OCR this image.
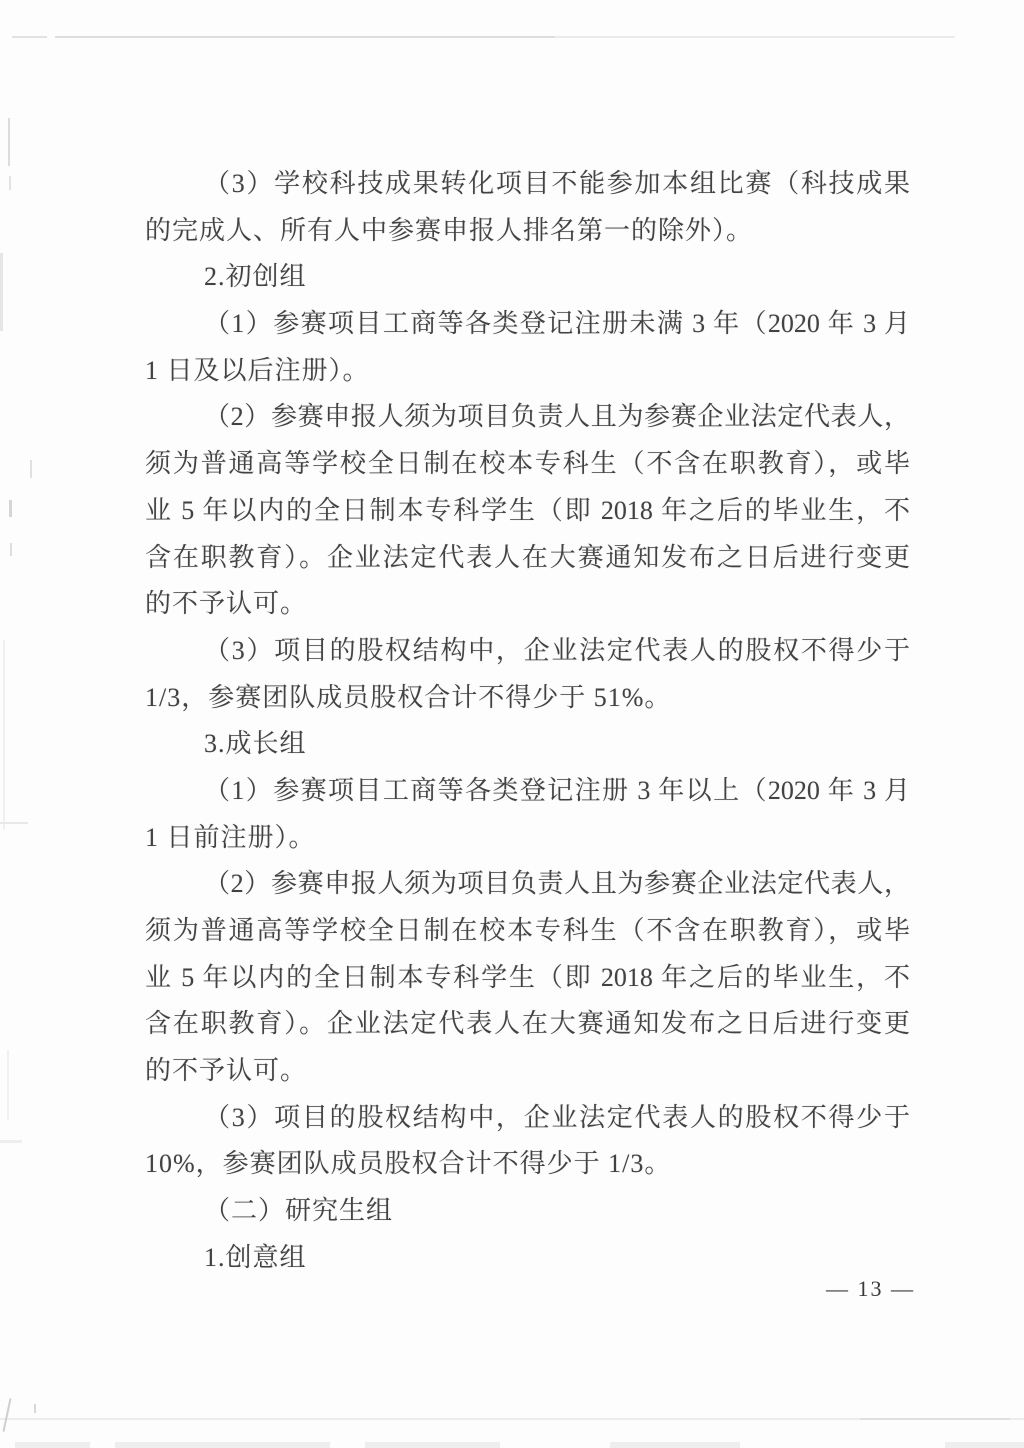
（3）学校科技成果转化项目不能参加本组比赛（科技成果
的完成人、所有人中参赛申报人排名第一的除外）。
2.初创组
（1）参赛项目工商等各类登记注册未满 3 年（2020 年 3 月
1 日及以后注册）。
（2）参赛申报人须为项目负责人且为参赛企业法定代表人，
须为普通高等学校全日制在校本专科生（不含在职教育），或毕
业 5 年以内的全日制本专科学生（即 2018 年之后的毕业生，不
含在职教育）。企业法定代表人在大赛通知发布之日后进行变更
的不予认可。
（3）项目的股权结构中，企业法定代表人的股权不得少于
1/3，参赛团队成员股权合计不得少于 51%。
3.成长组
（1）参赛项目工商等各类登记注册 3 年以上（2020 年 3 月
1 日前注册）。
（2）参赛申报人须为项目负责人且为参赛企业法定代表人，
须为普通高等学校全日制在校本专科生（不含在职教育），或毕
业 5 年以内的全日制本专科学生（即 2018 年之后的毕业生，不
含在职教育）。企业法定代表人在大赛通知发布之日后进行变更
的不予认可。
（3）项目的股权结构中，企业法定代表人的股权不得少于
10%，参赛团队成员股权合计不得少于 1/3。
（二）研究生组
1.创意组
— 13 —
